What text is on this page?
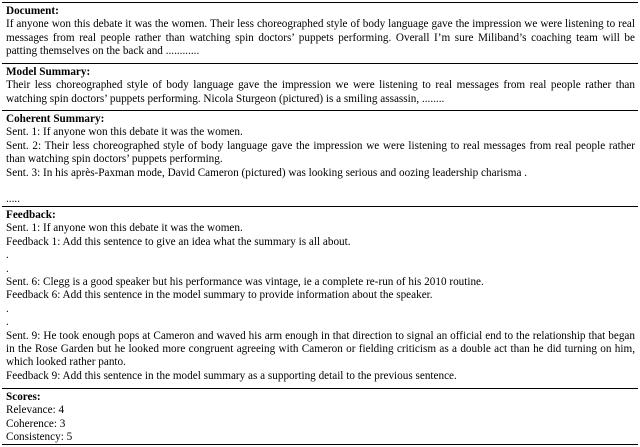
Document:
If anyone won this debate it was the women. Their less choreographed style of body language gave the impression we were listening to real messages from real people rather than watching spin doctors’ puppets performing. Overall I’m sure Miliband’s coaching team will be patting themselves on the back and ............
Model Summary:
Their less choreographed style of body language gave the impression we were listening to real messages from real people rather than watching spin doctors’ puppets performing. Nicola Sturgeon (pictured) is a smiling assassin, ........
Coherent Summary:
Sent. 1: If anyone won this debate it was the women.
Sent. 2: Their less choreographed style of body language gave the impression we were listening to real messages from real people rather than watching spin doctors’ puppets performing.
Sent. 3: In his après-Paxman mode, David Cameron (pictured) was looking serious and oozing leadership charisma .
.....
Feedback:
Sent. 1: If anyone won this debate it was the women.
Feedback 1: Add this sentence to give an idea what the summary is all about.
.
.
Sent. 6: Clegg is a good speaker but his performance was vintage, ie a complete re-run of his 2010 routine.
Feedback 6: Add this sentence in the model summary to provide information about the speaker.
.
.
Sent. 9: He took enough pops at Cameron and waved his arm enough in that direction to signal an official end to the relationship that began in the Rose Garden but he looked more congruent agreeing with Cameron or fielding criticism as a double act than he did turning on him, which looked rather panto.
Feedback 9: Add this sentence in the model summary as a supporting detail to the previous sentence.
Scores:
Relevance: 4
Coherence: 3
Consistency: 5
